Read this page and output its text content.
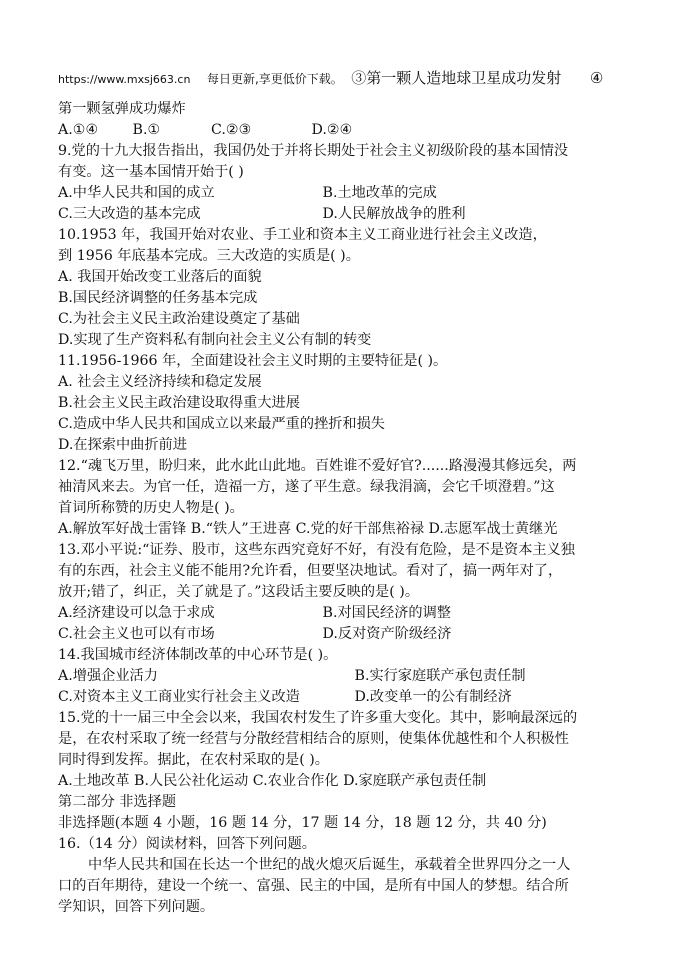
https://www.mxsj663.cn 每日更新,享更低价下载。 ③第一颗人造地球卫星成功发射 ④
第一颗氢弹成功爆炸
A.①④ B.①	C.②③	D.②④
9.党的十九大报告指出，我国仍处于并将长期处于社会主义初级阶段的基本国情没
有变。这一基本国情开始于( )
A.中华人民共和国的成立	B.土地改革的完成
C.三大改造的基本完成	D.人民解放战争的胜利
10.1953 年，我国开始对农业、手工业和资本主义工商业进行社会主义改造，
到 1956 年底基本完成。三大改造的实质是( )。
A. 我国开始改变工业落后的面貌
B.国民经济调整的任务基本完成
C.为社会主义民主政治建设奠定了基础
D.实现了生产资料私有制向社会主义公有制的转变
11.1956-1966 年，全面建设社会主义时期的主要特征是( )。
A. 社会主义经济持续和稳定发展
B.社会主义民主政治建设取得重大进展
C.造成中华人民共和国成立以来最严重的挫折和损失
D.在探索中曲折前进
12.“魂飞万里，盼归来，此水此山此地。百姓谁不爱好官?......路漫漫其修远矣，两
袖清风来去。为官一任，造福一方，遂了平生意。绿我涓滴，会它千顷澄碧。”这
首词所称赞的历史人物是( )。
A.解放军好战士雷锋 B.“铁人”王进喜 C.党的好干部焦裕禄 D.志愿军战士黄继光
13.邓小平说:“证券、股市，这些东西究竟好不好，有没有危险，是不是资本主义独
有的东西，社会主义能不能用?允许看，但要坚决地试。看对了，搞一两年对了，
放开;错了，纠正，关了就是了。”这段话主要反映的是( )。
A.经济建设可以急于求成	B.对国民经济的调整
C.社会主义也可以有市场	D.反对资产阶级经济
14.我国城市经济体制改革的中心环节是( )。
A.增强企业活力	B.实行家庭联产承包责任制
C.对资本主义工商业实行社会主义改造	D.改变单一的公有制经济
15.党的十一届三中全会以来，我国农村发生了许多重大变化。其中，影响最深远的
是，在农村采取了统一经营与分散经营相结合的原则，使集体优越性和个人积极性
同时得到发挥。据此，在农村采取的是( )。
A.土地改革 B.人民公社化运动 C.农业合作化 D.家庭联产承包责任制
第二部分 非选择题
非选择题(本题 4 小题，16 题 14 分，17 题 14 分，18 题 12 分，共 40 分)
16.（14 分）阅读材料，回答下列问题。
中华人民共和国在长达一个世纪的战火熄灭后诞生，承载着全世界四分之一人
口的百年期待，建设一个统一、富强、民主的中国，是所有中国人的梦想。结合所
学知识，回答下列问题。
